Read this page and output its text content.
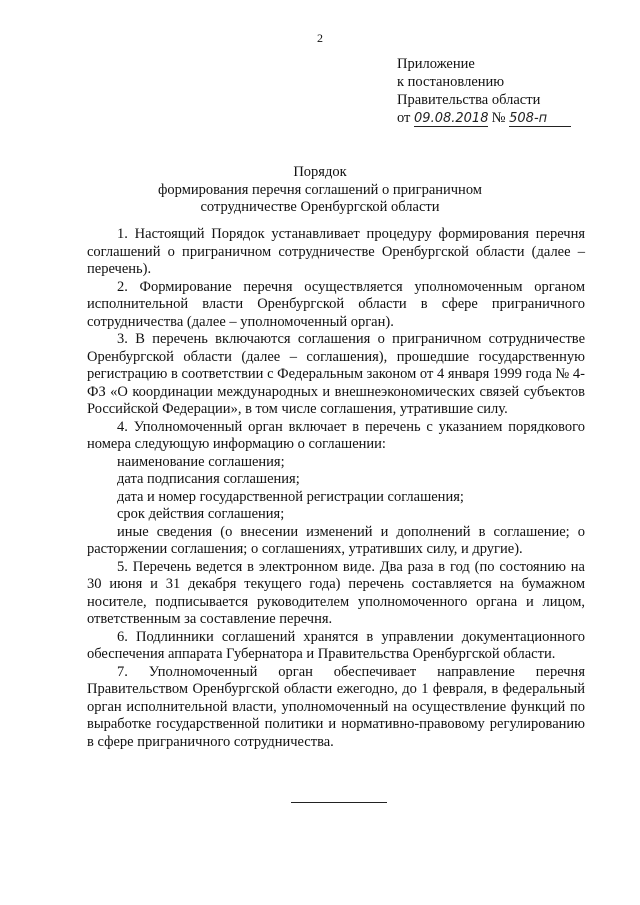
2
Приложение
к постановлению
Правительства области
от 09.08.2018 № 508-п
Порядок
формирования перечня соглашений о приграничном
сотрудничестве Оренбургской области

1. Настоящий Порядок устанавливает процедуру формирования перечня соглашений о приграничном сотрудничестве Оренбургской области (далее – перечень).

2. Формирование перечня осуществляется уполномоченным органом исполнительной власти Оренбургской области в сфере приграничного сотрудничества (далее – уполномоченный орган).

3. В перечень включаются соглашения о приграничном сотрудничестве Оренбургской области (далее – соглашения), прошедшие государственную регистрацию в соответствии с Федеральным законом от 4 января 1999 года № 4-ФЗ «О координации международных и внешнеэкономических связей субъектов Российской Федерации», в том числе соглашения, утратившие силу.

4. Уполномоченный орган включает в перечень с указанием порядкового номера следующую информацию о соглашении:

наименование соглашения;

дата подписания соглашения;

дата и номер государственной регистрации соглашения;

срок действия соглашения;

иные сведения (о внесении изменений и дополнений в соглашение; о расторжении соглашения; о соглашениях, утративших силу, и другие).

5. Перечень ведется в электронном виде. Два раза в год (по состоянию на 30 июня и 31 декабря текущего года) перечень составляется на бумажном носителе, подписывается руководителем уполномоченного органа и лицом, ответственным за составление перечня.

6. Подлинники соглашений хранятся в управлении документационного обеспечения аппарата Губернатора и Правительства Оренбургской области.

7. Уполномоченный орган обеспечивает направление перечня Правительством Оренбургской области ежегодно, до 1 февраля, в федеральный орган исполнительной власти, уполномоченный на осуществление функций по выработке государственной политики и нормативно-правовому регулированию в сфере приграничного сотрудничества.
